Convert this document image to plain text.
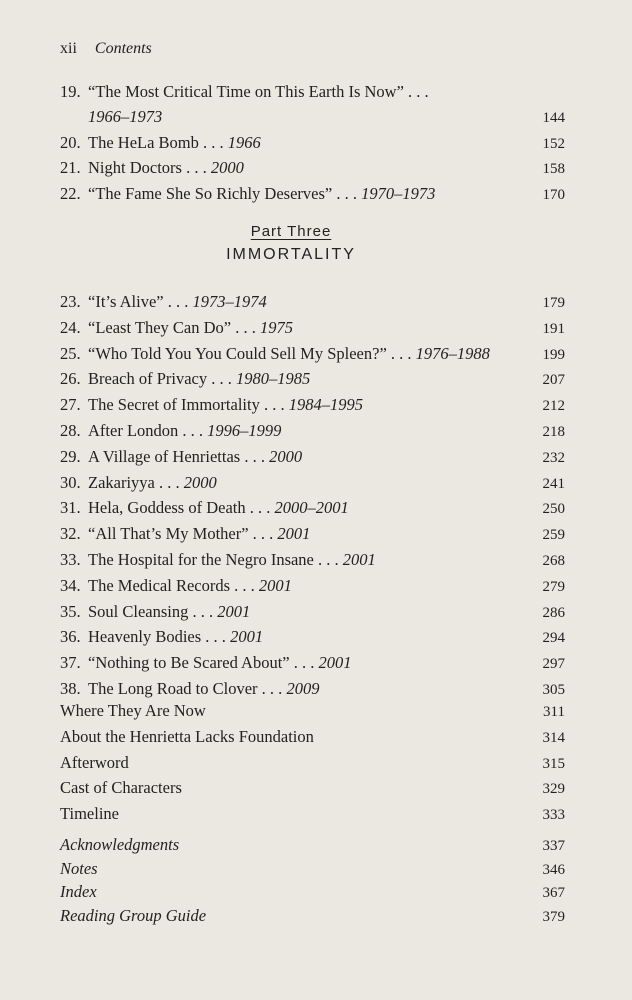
xii Contents
19. “The Most Critical Time on This Earth Is Now” . . .
1966–1973	144
20. The HeLa Bomb . . . 1966	152
21. Night Doctors . . . 2000	158
22. “The Fame She So Richly Deserves” . . . 1970–1973	170
Part Three
IMMORTALITY
23. “It’s Alive” . . . 1973–1974	179
24. “Least They Can Do” . . . 1975	191
25. “Who Told You You Could Sell My Spleen?” . . . 1976–1988	199
26. Breach of Privacy . . . 1980–1985	207
27. The Secret of Immortality . . . 1984–1995	212
28. After London . . . 1996–1999	218
29. A Village of Henriettas . . . 2000	232
30. Zakariyya . . . 2000	241
31. Hela, Goddess of Death . . . 2000–2001	250
32. “All That’s My Mother” . . . 2001	259
33. The Hospital for the Negro Insane . . . 2001	268
34. The Medical Records . . . 2001	279
35. Soul Cleansing . . . 2001	286
36. Heavenly Bodies . . . 2001	294
37. “Nothing to Be Scared About” . . . 2001	297
38. The Long Road to Clover . . . 2009	305
Where They Are Now	311
About the Henrietta Lacks Foundation	314
Afterword	315
Cast of Characters	329
Timeline	333
Acknowledgments	337
Notes	346
Index	367
Reading Group Guide	379
